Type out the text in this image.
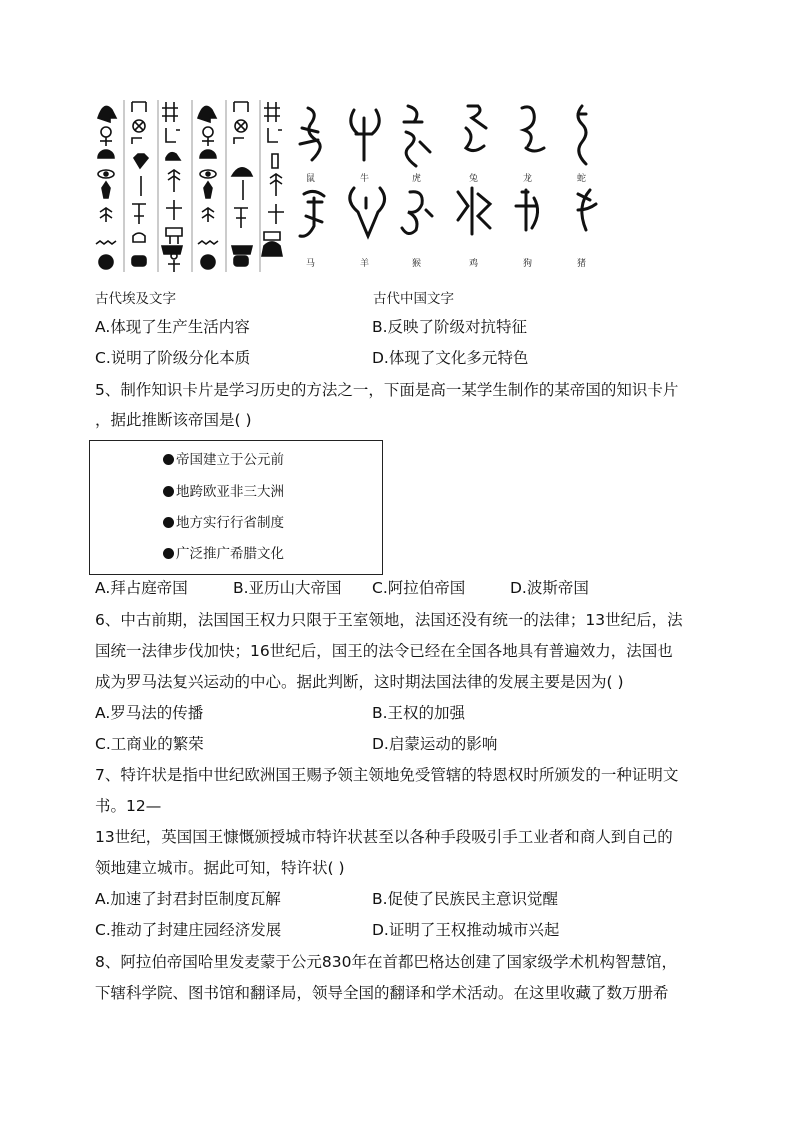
鼠	牛	虎	兔	龙	蛇
马	羊	猴	鸡	狗	猪
古代埃及文字	古代中国文字
A.体现了生产生活内容	B.反映了阶级对抗特征
C.说明了阶级分化本质	D.体现了文化多元特色
5、制作知识卡片是学习历史的方法之一，下面是高一某学生制作的某帝国的知识卡片
，据此推断该帝国是( )
帝国建立于公元前
地跨欧亚非三大洲
地方实行行省制度
广泛推广希腊文化
A.拜占庭帝国	B.亚历山大帝国 C.阿拉伯帝国	D.波斯帝国
6、中古前期，法国国王权力只限于王室领地，法国还没有统一的法律；13世纪后，法
国统一法律步伐加快；16世纪后，国王的法令已经在全国各地具有普遍效力，法国也
成为罗马法复兴运动的中心。据此判断，这时期法国法律的发展主要是因为( )
A.罗马法的传播	B.王权的加强
C.工商业的繁荣	D.启蒙运动的影响
7、特许状是指中世纪欧洲国王赐予领主领地免受管辖的特恩权时所颁发的一种证明文
书。12—
13世纪，英国国王慷慨颁授城市特许状甚至以各种手段吸引手工业者和商人到自己的
领地建立城市。据此可知，特许状( )
A.加速了封君封臣制度瓦解	B.促使了民族民主意识觉醒
C.推动了封建庄园经济发展	D.证明了王权推动城市兴起
8、阿拉伯帝国哈里发麦蒙于公元830年在首都巴格达创建了国家级学术机构智慧馆，
下辖科学院、图书馆和翻译局，领导全国的翻译和学术活动。在这里收藏了数万册希
